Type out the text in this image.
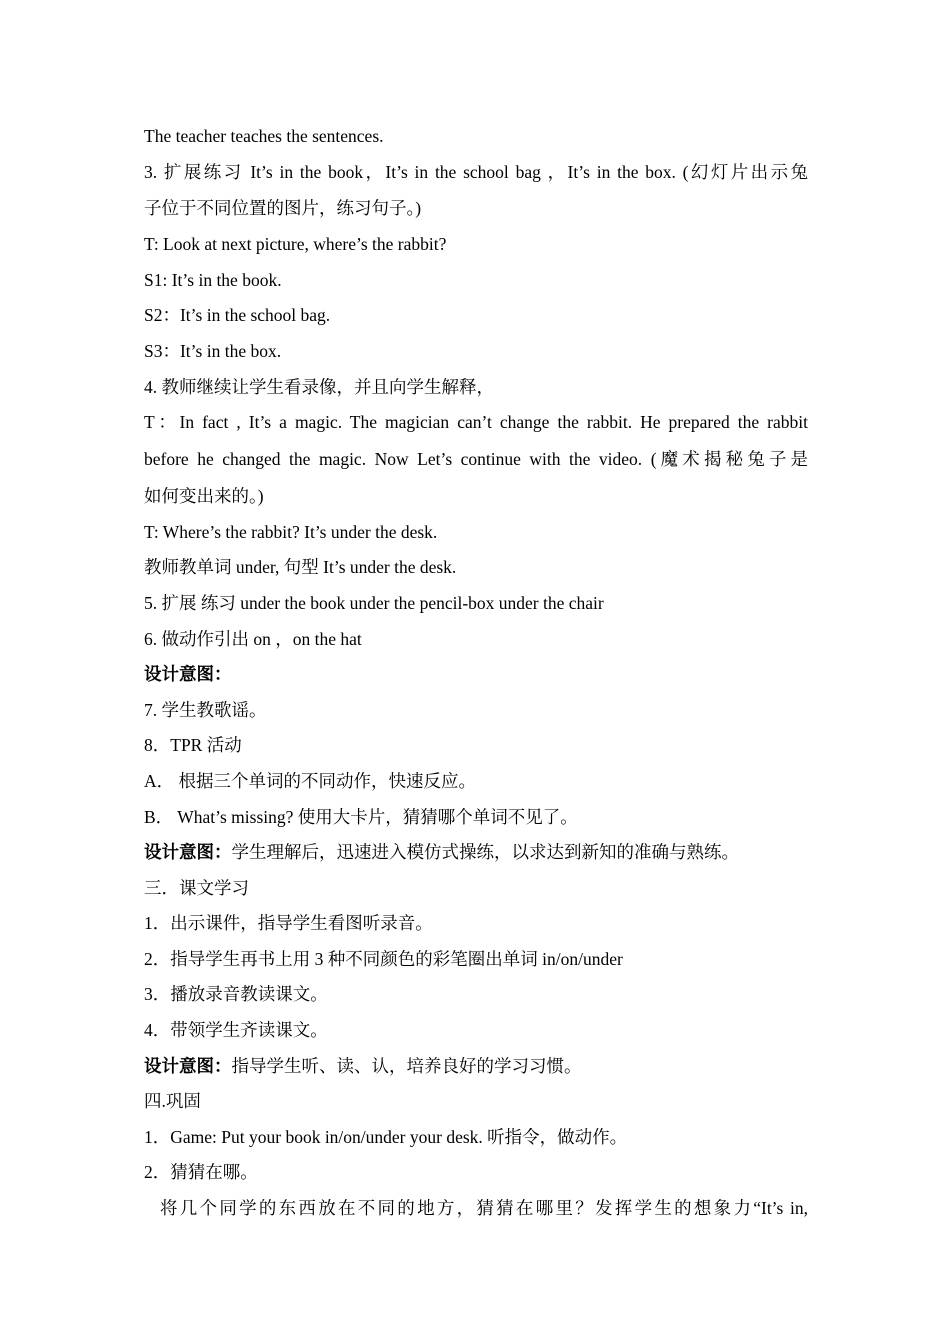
The teacher teaches the sentences.
3. 扩展练习 It’s in the book，It’s in the school bag ，It’s in the box. (幻灯片出示兔
子位于不同位置的图片，练习句子。)
T: Look at next picture, where’s the rabbit?
S1: It’s in the book.
S2：It’s in the school bag.
S3：It’s in the box.
4. 教师继续让学生看录像，并且向学生解释，
T：In fact , It’s a magic. The magician can’t change the rabbit. He prepared the rabbit
before he changed the magic. Now Let’s continue with the video. (魔术揭秘兔子是
如何变出来的。)
T: Where’s the rabbit? It’s under the desk.
教师教单词 under, 句型 It’s under the desk.
5. 扩展 练习 under the book under the pencil-box under the chair
6. 做动作引出 on ，on the hat
设计意图：
7. 学生教歌谣。
8．TPR 活动
A． 根据三个单词的不同动作，快速反应。
B． What’s missing? 使用大卡片，猜猜哪个单词不见了。
设计意图：学生理解后，迅速进入模仿式操练，以求达到新知的准确与熟练。
三．课文学习
1．出示课件，指导学生看图听录音。
2．指导学生再书上用 3 种不同颜色的彩笔圈出单词 in/on/under
3．播放录音教读课文。
4．带领学生齐读课文。
设计意图：指导学生听、读、认，培养良好的学习习惯。
四.巩固
1．Game: Put your book in/on/under your desk. 听指令，做动作。
2．猜猜在哪。
将几个同学的东西放在不同的地方，猜猜在哪里？发挥学生的想象力“It’s in,
